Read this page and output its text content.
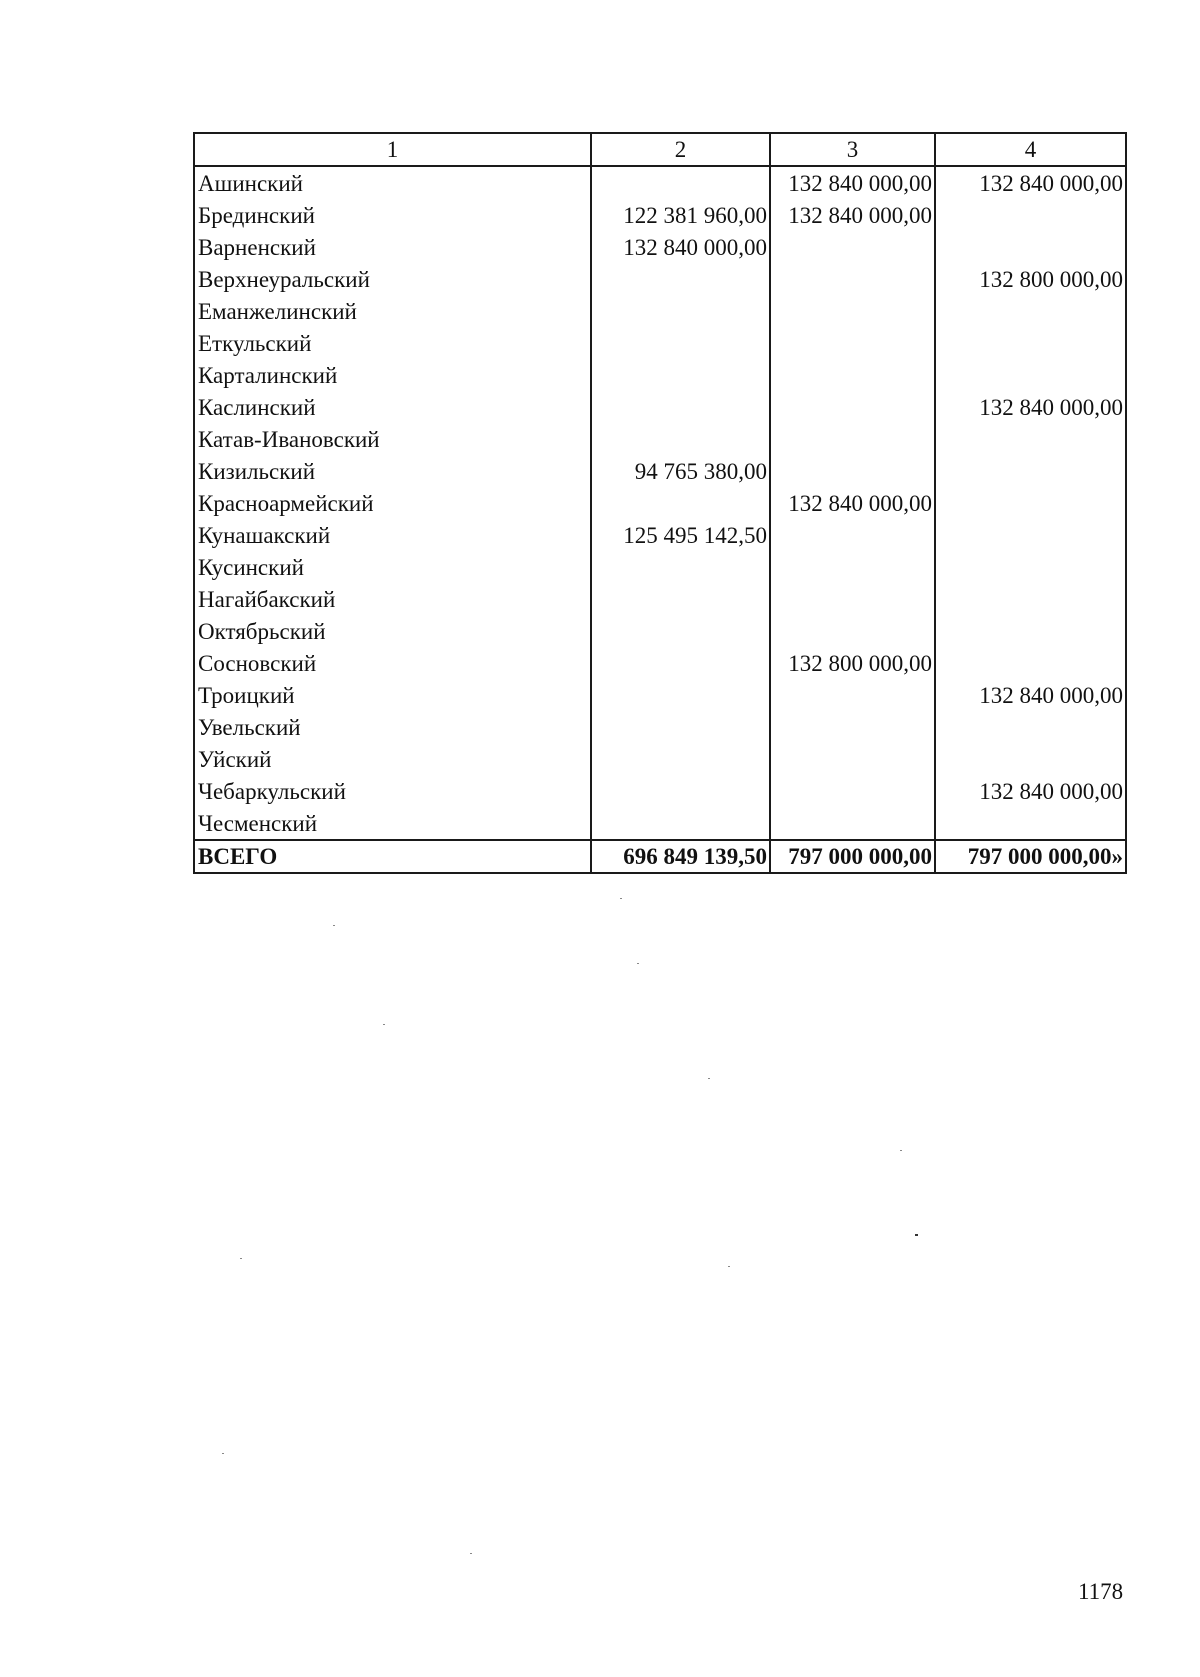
1	2	3	4
Ашинский		132 840 000,00	132 840 000,00
Брединский	122 381 960,00	132 840 000,00	
Варненский	132 840 000,00		
Верхнеуральский			132 800 000,00
Еманжелинский			
Еткульский			
Карталинский			
Каслинский			132 840 000,00
Катав-Ивановский			
Кизильский	94 765 380,00		
Красноармейский		132 840 000,00	
Кунашакский	125 495 142,50		
Кусинский			
Нагайбакский			
Октябрьский			
Сосновский		132 800 000,00	
Троицкий			132 840 000,00
Увельский			
Уйский			
Чебаркульский			132 840 000,00
Чесменский			
ВСЕГО	696 849 139,50	797 000 000,00	797 000 000,00»
1178
